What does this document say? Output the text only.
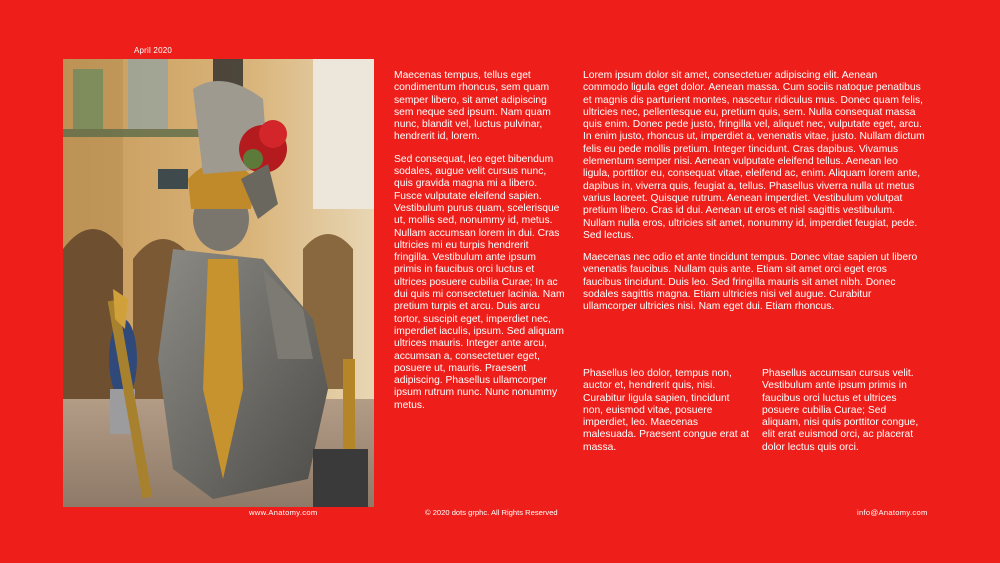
April 2020

Maecenas tempus, tellus eget condimentum rhoncus, sem quam semper libero, sit amet adipiscing sem neque sed ipsum. Nam quam nunc, blandit vel, luctus pulvinar, hendrerit id, lorem.

Sed consequat, leo eget bibendum sodales, augue velit cursus nunc, quis gravida magna mi a libero. Fusce vulputate eleifend sapien. Vestibulum purus quam, scelerisque ut, mollis sed, nonummy id, metus. Nullam accumsan lorem in dui. Cras ultricies mi eu turpis hendrerit fringilla. Vestibulum ante ipsum primis in faucibus orci luctus et ultrices posuere cubilia Curae; In ac dui quis mi consectetuer lacinia. Nam pretium turpis et arcu. Duis arcu tortor, suscipit eget, imperdiet nec, imperdiet iaculis, ipsum. Sed aliquam ultrices mauris. Integer ante arcu, accumsan a, consectetuer eget, posuere ut, mauris. Praesent adipiscing. Phasellus ullamcorper ipsum rutrum nunc. Nunc nonummy metus.

Lorem ipsum dolor sit amet, consectetuer adipiscing elit. Aenean commodo ligula eget dolor. Aenean massa. Cum sociis natoque penatibus et magnis dis parturient montes, nascetur ridiculus mus. Donec quam felis, ultricies nec, pellentesque eu, pretium quis, sem. Nulla consequat massa quis enim. Donec pede justo, fringilla vel, aliquet nec, vulputate eget, arcu. In enim justo, rhoncus ut, imperdiet a, venenatis vitae, justo. Nullam dictum felis eu pede mollis pretium. Integer tincidunt. Cras dapibus. Vivamus elementum semper nisi. Aenean vulputate eleifend tellus. Aenean leo ligula, porttitor eu, consequat vitae, eleifend ac, enim. Aliquam lorem ante, dapibus in, viverra quis, feugiat a, tellus. Phasellus viverra nulla ut metus varius laoreet. Quisque rutrum. Aenean imperdiet. Vestibulum volutpat pretium libero. Cras id dui. Aenean ut eros et nisl sagittis vestibulum. Nullam nulla eros, ultricies sit amet, nonummy id, imperdiet feugiat, pede. Sed lectus.

Maecenas nec odio et ante tincidunt tempus. Donec vitae sapien ut libero venenatis faucibus. Nullam quis ante. Etiam sit amet orci eget eros faucibus tincidunt. Duis leo. Sed fringilla mauris sit amet nibh. Donec sodales sagittis magna. Etiam ultricies nisi vel augue. Curabitur ullamcorper ultricies nisi. Nam eget dui. Etiam rhoncus.

Phasellus leo dolor, tempus non, auctor et, hendrerit quis, nisi. Curabitur ligula sapien, tincidunt non, euismod vitae, posuere imperdiet, leo. Maecenas malesuada. Praesent congue erat at massa.

Phasellus accumsan cursus velit. Vestibulum ante ipsum primis in faucibus orci luctus et ultrices posuere cubilia Curae; Sed aliquam, nisi quis porttitor congue, elit erat euismod orci, ac placerat dolor lectus quis orci.

www.Anatomy.com	© 2020 dots grphc. All Rights Reserved	info@Anatomy.com
